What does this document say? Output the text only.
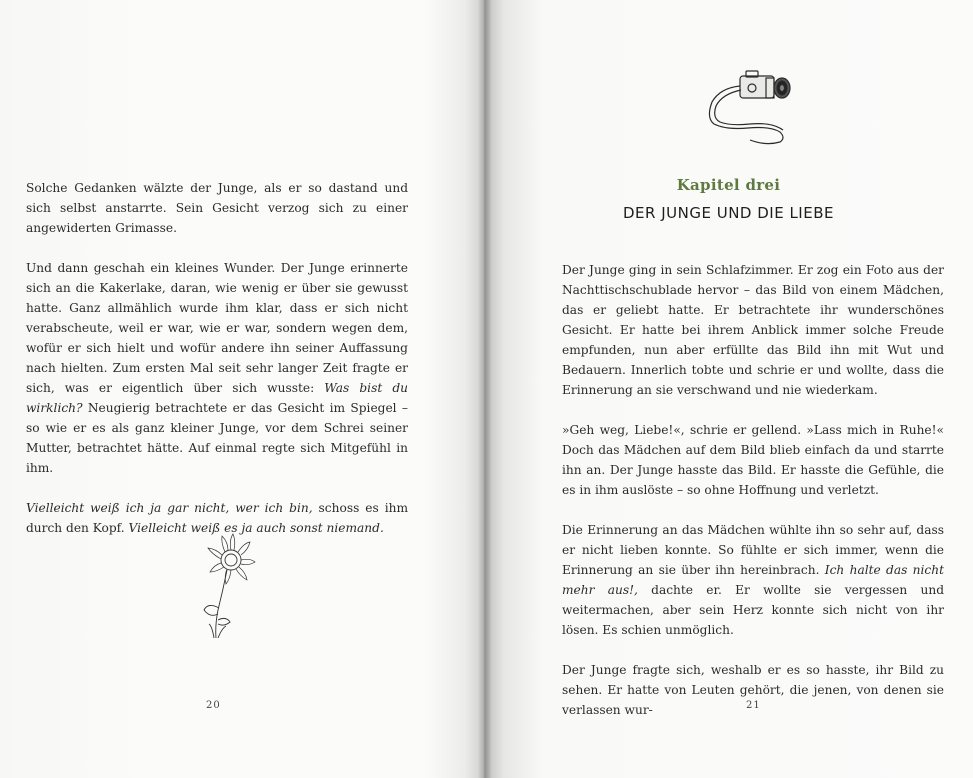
Solche Gedanken wälzte der Junge, als er so dastand und sich selbst anstarrte. Sein Gesicht verzog sich zu einer angewiderten Grimasse.

Und dann geschah ein kleines Wunder. Der Junge erinnerte sich an die Kakerlake, daran, wie wenig er über sie gewusst hatte. Ganz allmählich wurde ihm klar, dass er sich nicht verabscheute, weil er war, wie er war, sondern wegen dem, wofür er sich hielt und wofür andere ihn seiner Auffassung nach hielten. Zum ersten Mal seit sehr langer Zeit fragte er sich, was er eigentlich über sich wusste: Was bist du wirklich? Neugierig betrachtete er das Gesicht im Spiegel – so wie er es als ganz kleiner Junge, vor dem Schrei seiner Mutter, betrachtet hätte. Auf einmal regte sich Mitgefühl in ihm.

Vielleicht weiß ich ja gar nicht, wer ich bin, schoss es ihm durch den Kopf. Vielleicht weiß es ja auch sonst niemand.

20
Kapitel drei
DER JUNGE UND DIE LIEBE

Der Junge ging in sein Schlafzimmer. Er zog ein Foto aus der Nachttischschublade hervor – das Bild von einem Mädchen, das er geliebt hatte. Er betrachtete ihr wunderschönes Gesicht. Er hatte bei ihrem Anblick immer solche Freude empfunden, nun aber erfüllte das Bild ihn mit Wut und Bedauern. Innerlich tobte und schrie er und wollte, dass die Erinnerung an sie verschwand und nie wiederkam.

»Geh weg, Liebe!«, schrie er gellend. »Lass mich in Ruhe!« Doch das Mädchen auf dem Bild blieb einfach da und starrte ihn an. Der Junge hasste das Bild. Er hasste die Gefühle, die es in ihm auslöste – so ohne Hoffnung und verletzt.

Die Erinnerung an das Mädchen wühlte ihn so sehr auf, dass er nicht lieben konnte. So fühlte er sich immer, wenn die Erinnerung an sie über ihn hereinbrach. Ich halte das nicht mehr aus!, dachte er. Er wollte sie vergessen und weitermachen, aber sein Herz konnte sich nicht von ihr lösen. Es schien unmöglich.

Der Junge fragte sich, weshalb er es so hasste, ihr Bild zu sehen. Er hatte von Leuten gehört, die jenen, von denen sie verlassen wur-	21
